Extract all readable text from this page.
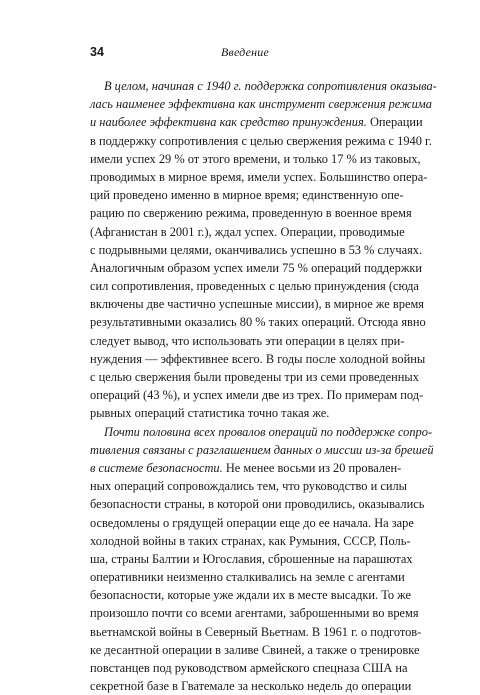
34	Введение
В целом, начиная с 1940 г. поддержка сопротивления оказыва-
лась наименее эффективна как инструмент свержения режима
и наиболее эффективна как средство принуждения. Операции
в поддержку сопротивления с целью свержения режима с 1940 г.
имели успех 29 % от этого времени, и только 17 % из таковых,
проводимых в мирное время, имели успех. Большинство опера-
ций проведено именно в мирное время; единственную опе-
рацию по свержению режима, проведенную в военное время
(Афганистан в 2001 г.), ждал успех. Операции, проводимые
с подрывными целями, оканчивались успешно в 53 % случаях.
Аналогичным образом успех имели 75 % операций поддержки
сил сопротивления, проведенных с целью принуждения (сюда
включены две частично успешные миссии), в мирное же время
результативными оказались 80 % таких операций. Отсюда явно
следует вывод, что использовать эти операции в целях при-
нуждения — эффективнее всего. В годы после холодной войны
с целью свержения были проведены три из семи проведенных
операций (43 %), и успех имели две из трех. По примерам под-
рывных операций статистика точно такая же.
Почти половина всех провалов операций по поддержке сопро-
тивления связаны с разглашением данных о миссии из-за брешей
в системе безопасности. Не менее восьми из 20 провален-
ных операций сопровождались тем, что руководство и силы
безопасности страны, в которой они проводились, оказывались
осведомлены о грядущей операции еще до ее начала. На заре
холодной войны в таких странах, как Румыния, СССР, Поль-
ша, страны Балтии и Югославия, сброшенные на парашютах
оперативники неизменно сталкивались на земле с агентами
безопасности, которые уже ждали их в месте высадки. То же
произошло почти со всеми агентами, заброшенными во время
вьетнамской войны в Северный Вьетнам. В 1961 г. о подготов-
ке десантной операции в заливе Свиней, а также о тренировке
повстанцев под руководством армейского спецназа США на
секретной базе в Гватемале за несколько недель до операции
